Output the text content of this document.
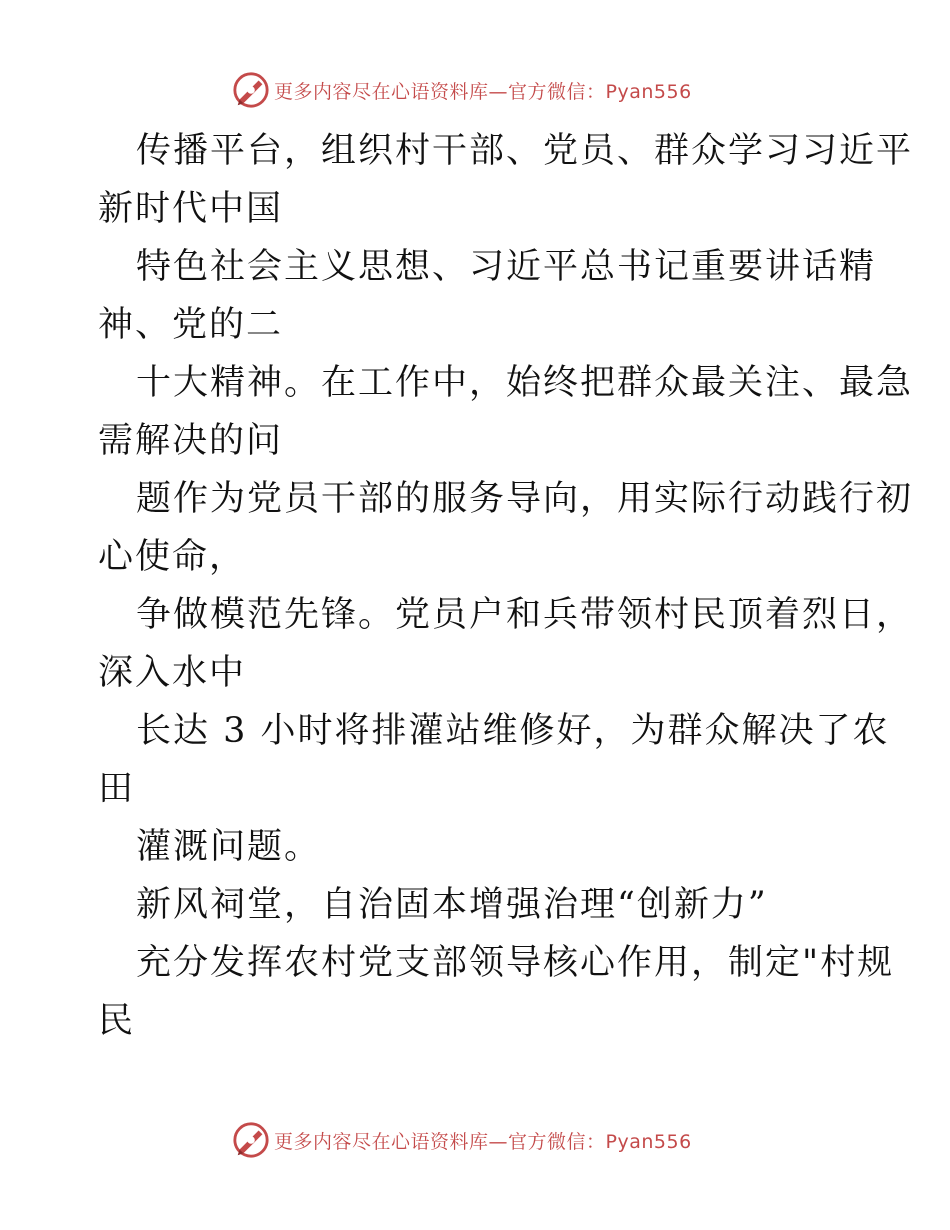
更多内容尽在心语资料库—官方微信：Pyan556
传播平台，组织村干部、党员、群众学习习近平
新时代中国
特色社会主义思想、习近平总书记重要讲话精
神、党的二
十大精神。在工作中，始终把群众最关注、最急
需解决的问
题作为党员干部的服务导向，用实际行动践行初
心使命，
争做模范先锋。党员户和兵带领村民顶着烈日，
深入水中
长达 3 小时将排灌站维修好，为群众解决了农
田
灌溉问题。
新风祠堂，自治固本增强治理“创新力”
充分发挥农村党支部领导核心作用，制定"村规
民
更多内容尽在心语资料库—官方微信：Pyan556
